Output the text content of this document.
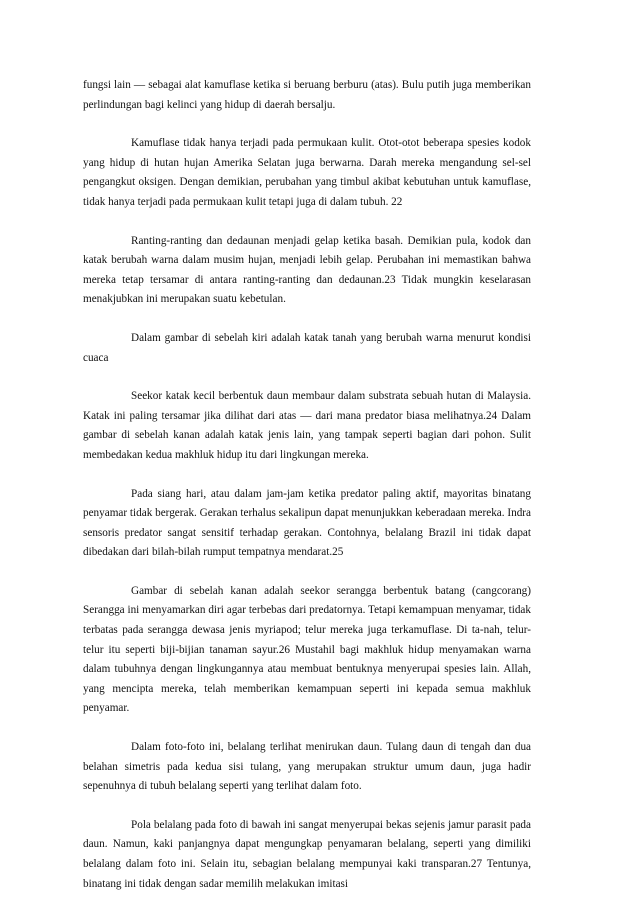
fungsi lain — sebagai alat kamuflase ketika si beruang berburu (atas). Bulu putih juga memberikan perlindungan bagi kelinci yang hidup di daerah bersalju.

Kamuflase tidak hanya terjadi pada permukaan kulit. Otot-otot beberapa spesies kodok yang hidup di hutan hujan Amerika Selatan juga berwarna. Darah mereka mengandung sel-sel pengangkut oksigen. Dengan demikian, perubahan yang timbul akibat kebutuhan untuk kamuflase, tidak hanya terjadi pada permukaan kulit tetapi juga di dalam tubuh. 22

Ranting-ranting dan dedaunan menjadi gelap ketika basah. Demikian pula, kodok dan katak berubah warna dalam musim hujan, menjadi lebih gelap. Perubahan ini memastikan bahwa mereka tetap tersamar di antara ranting-ranting dan dedaunan.23 Tidak mungkin keselarasan menakjubkan ini merupakan suatu kebetulan.

Dalam gambar di sebelah kiri adalah katak tanah yang berubah warna menurut kondisi cuaca

Seekor katak kecil berbentuk daun membaur dalam substrata sebuah hutan di Malaysia. Katak ini paling tersamar jika dilihat dari atas — dari mana predator biasa melihatnya.24 Dalam gambar di sebelah kanan adalah katak jenis lain, yang tampak seperti bagian dari pohon. Sulit membedakan kedua makhluk hidup itu dari lingkungan mereka.

Pada siang hari, atau dalam jam-jam ketika predator paling aktif, mayoritas binatang penyamar tidak bergerak. Gerakan terhalus sekalipun dapat menunjukkan keberadaan mereka. Indra sensoris predator sangat sensitif terhadap gerakan. Contohnya, belalang Brazil ini tidak dapat dibedakan dari bilah-bilah rumput tempatnya mendarat.25

Gambar di sebelah kanan adalah seekor serangga berbentuk batang (cangcorang) Serangga ini menyamarkan diri agar terbebas dari predatornya. Tetapi kemampuan menyamar, tidak terbatas pada serangga dewasa jenis myriapod; telur mereka juga terkamuflase. Di ta-nah, telur-telur itu seperti biji-bijian tanaman sayur.26 Mustahil bagi makhluk hidup menyamakan warna dalam tubuhnya dengan lingkungannya atau membuat bentuknya menyerupai spesies lain. Allah, yang mencipta mereka, telah memberikan kemampuan seperti ini kepada semua makhluk penyamar.

Dalam foto-foto ini, belalang terlihat menirukan daun. Tulang daun di tengah dan dua belahan simetris pada kedua sisi tulang, yang merupakan struktur umum daun, juga hadir sepenuhnya di tubuh belalang seperti yang terlihat dalam foto.

Pola belalang pada foto di bawah ini sangat menyerupai bekas sejenis jamur parasit pada daun. Namun, kaki panjangnya dapat mengungkap penyamaran belalang, seperti yang dimiliki belalang dalam foto ini. Selain itu, sebagian belalang mempunyai kaki transparan.27 Tentunya, binatang ini tidak dengan sadar memilih melakukan imitasi
